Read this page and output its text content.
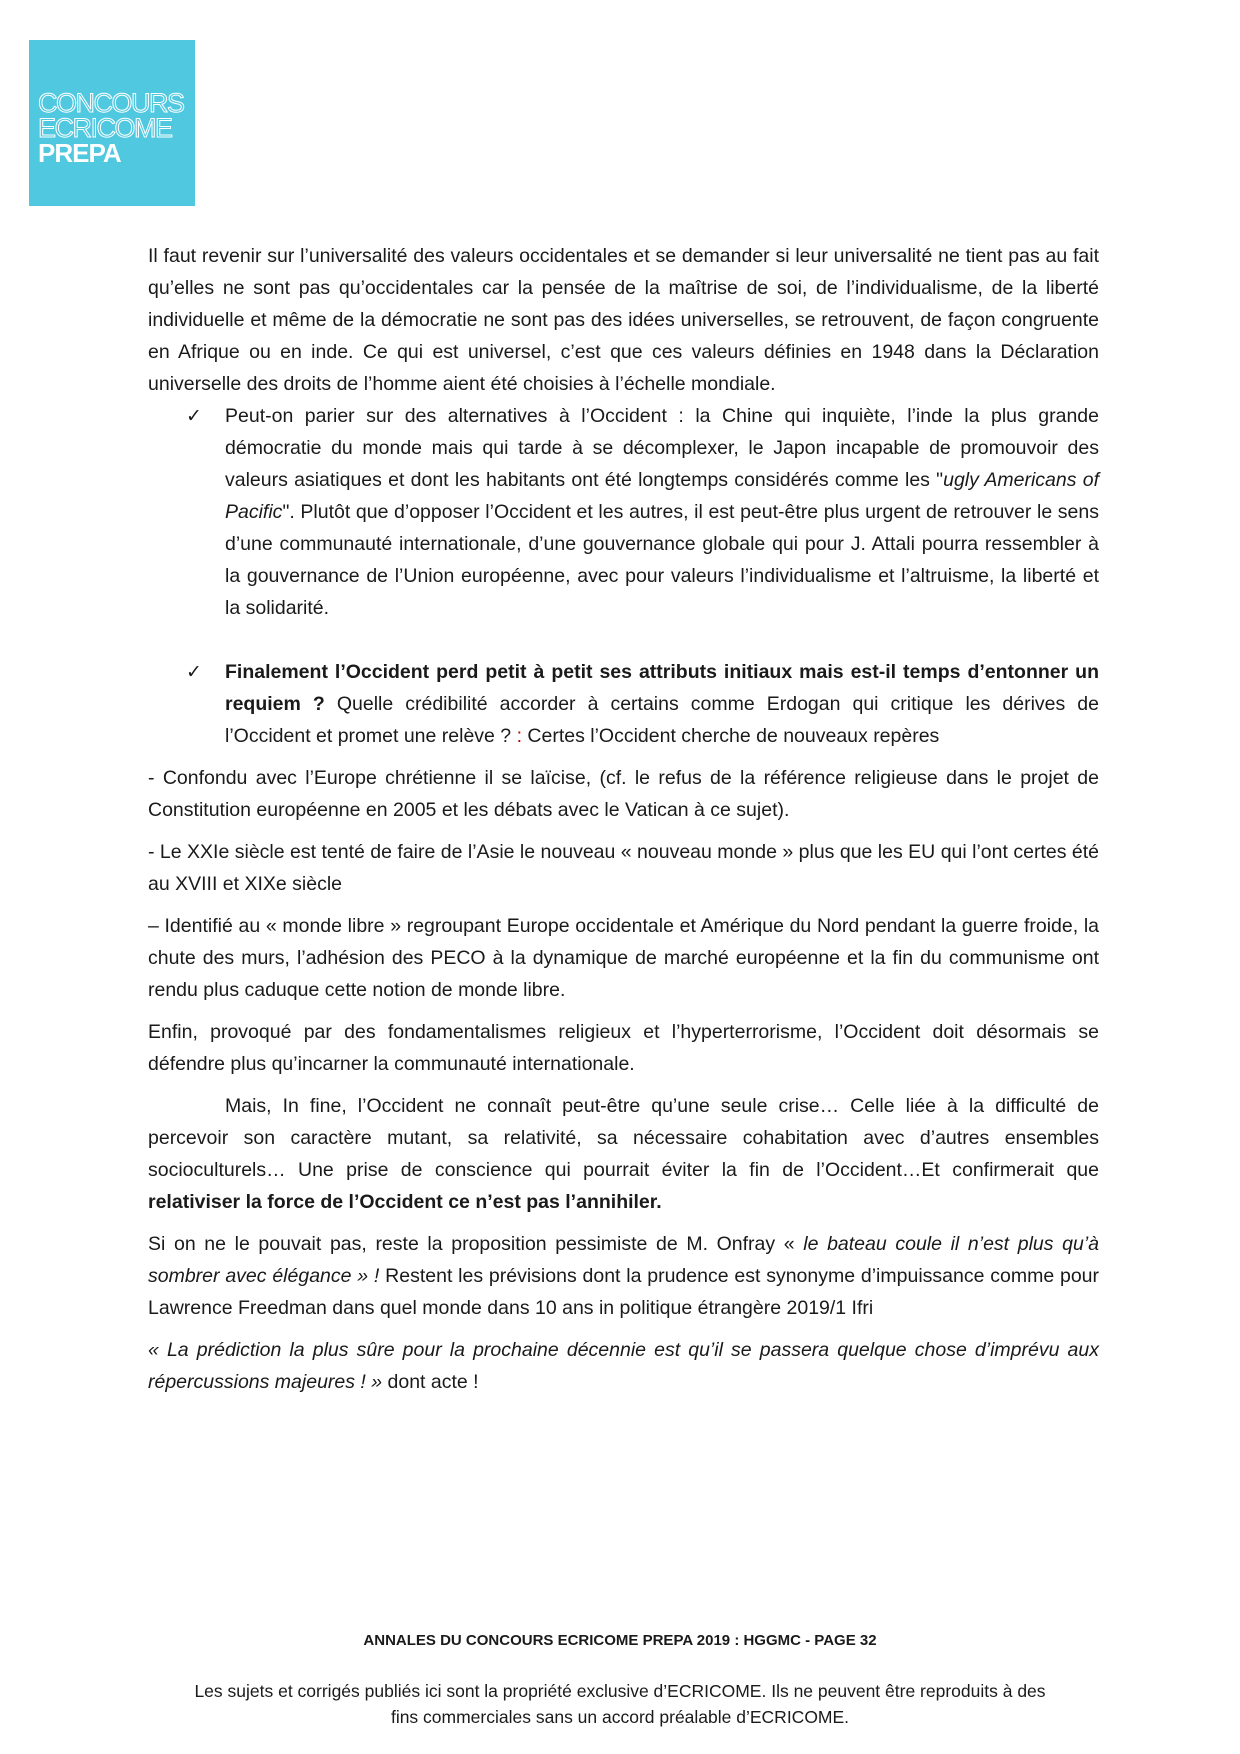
CONCOURS
ECRICOME
PREPA

Il faut revenir sur l’universalité des valeurs occidentales et se demander si leur universalité ne tient pas au fait qu’elles ne sont pas qu’occidentales car la pensée de la maîtrise de soi, de l’individualisme, de la liberté individuelle et même de la démocratie ne sont pas des idées universelles, se retrouvent, de façon congruente en Afrique ou en inde. Ce qui est universel, c’est que ces valeurs définies en 1948 dans la Déclaration universelle des droits de l’homme aient été choisies à l’échelle mondiale.

✓ Peut-on parier sur des alternatives à l’Occident : la Chine qui inquiète, l’inde la plus grande démocratie du monde mais qui tarde à se décomplexer, le Japon incapable de promouvoir des valeurs asiatiques et dont les habitants ont été longtemps considérés comme les "ugly Americans of Pacific". Plutôt que d’opposer l’Occident et les autres, il est peut-être plus urgent de retrouver le sens d’une communauté internationale, d’une gouvernance globale qui pour J. Attali pourra ressembler à la gouvernance de l’Union européenne, avec pour valeurs l’individualisme et l’altruisme, la liberté et la solidarité.

✓ Finalement l’Occident perd petit à petit ses attributs initiaux mais est-il temps d’entonner un requiem ? Quelle crédibilité accorder à certains comme Erdogan qui critique les dérives de l’Occident et promet une relève ? : Certes l’Occident cherche de nouveaux repères

- Confondu avec l’Europe chrétienne il se laïcise, (cf. le refus de la référence religieuse dans le projet de Constitution européenne en 2005 et les débats avec le Vatican à ce sujet).

- Le XXIe siècle est tenté de faire de l’Asie le nouveau « nouveau monde » plus que les EU qui l’ont certes été au XVIII et XIXe siècle

– Identifié au « monde libre » regroupant Europe occidentale et Amérique du Nord pendant la guerre froide, la chute des murs, l’adhésion des PECO à la dynamique de marché européenne et la fin du communisme ont rendu plus caduque cette notion de monde libre.

Enfin, provoqué par des fondamentalismes religieux et l’hyperterrorisme, l’Occident doit désormais se défendre plus qu’incarner la communauté internationale.

Mais, In fine, l’Occident ne connaît peut-être qu’une seule crise… Celle liée à la difficulté de percevoir son caractère mutant, sa relativité, sa nécessaire cohabitation avec d’autres ensembles socioculturels… Une prise de conscience qui pourrait éviter la fin de l’Occident…Et confirmerait que relativiser la force de l’Occident ce n’est pas l’annihiler.

Si on ne le pouvait pas, reste la proposition pessimiste de M. Onfray « le bateau coule il n’est plus qu’à sombrer avec élégance » ! Restent les prévisions dont la prudence est synonyme d’impuissance comme pour Lawrence Freedman dans quel monde dans 10 ans in politique étrangère 2019/1 Ifri

« La prédiction la plus sûre pour la prochaine décennie est qu’il se passera quelque chose d’imprévu aux répercussions majeures ! » dont acte !

ANNALES DU CONCOURS ECRICOME PREPA 2019 : HGGMC - PAGE 32
Les sujets et corrigés publiés ici sont la propriété exclusive d’ECRICOME. Ils ne peuvent être reproduits à des
fins commerciales sans un accord préalable d’ECRICOME.
